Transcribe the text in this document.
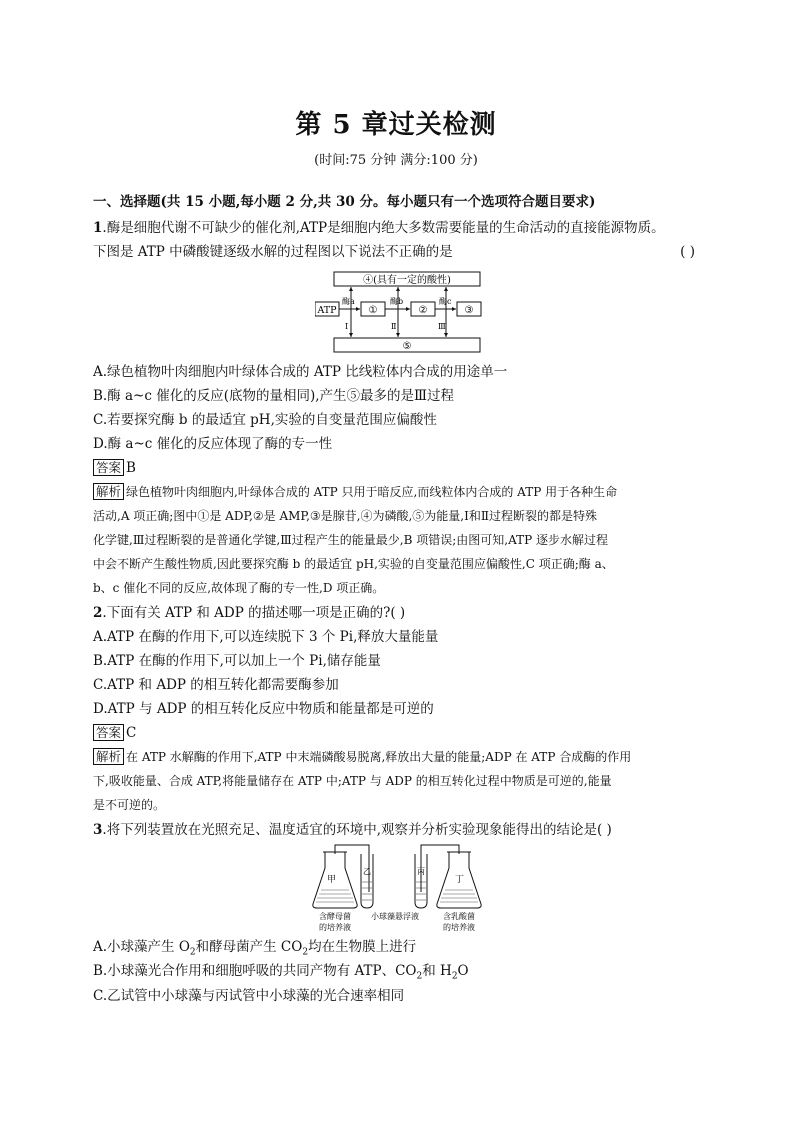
第 5 章过关检测
(时间:75 分钟 满分:100 分)
一、选择题(共 15 小题,每小题 2 分,共 30 分。每小题只有一个选项符合题目要求)
1.酶是细胞代谢不可缺少的催化剂,ATP是细胞内绝大多数需要能量的生命活动的直接能源物质。
下图是 ATP 中磷酸键逐级水解的过程图以下说法不正确的是	( )
④(具有一定的酸性)
ATP	①	②	③
酶a	酶b	酶c
Ⅰ	Ⅱ	Ⅲ
⑤
A.绿色植物叶肉细胞内叶绿体合成的 ATP 比线粒体内合成的用途单一
B.酶 a~c 催化的反应(底物的量相同),产生⑤最多的是Ⅲ过程
C.若要探究酶 b 的最适宜 pH,实验的自变量范围应偏酸性
D.酶 a~c 催化的反应体现了酶的专一性
答案 B
解析 绿色植物叶肉细胞内,叶绿体合成的 ATP 只用于暗反应,而线粒体内合成的 ATP 用于各种生命
活动,A 项正确;图中①是 ADP,②是 AMP,③是腺苷,④为磷酸,⑤为能量,Ⅰ和Ⅱ过程断裂的都是特殊
化学键,Ⅲ过程断裂的是普通化学键,Ⅲ过程产生的能量最少,B 项错误;由图可知,ATP 逐步水解过程
中会不断产生酸性物质,因此要探究酶 b 的最适宜 pH,实验的自变量范围应偏酸性,C 项正确;酶 a、
b、c 催化不同的反应,故体现了酶的专一性,D 项正确。
2.下面有关 ATP 和 ADP 的描述哪一项是正确的?( )
A.ATP 在酶的作用下,可以连续脱下 3 个 Pi,释放大量能量
B.ATP 在酶的作用下,可以加上一个 Pi,储存能量
C.ATP 和 ADP 的相互转化都需要酶参加
D.ATP 与 ADP 的相互转化反应中物质和能量都是可逆的
答案 C
解析 在 ATP 水解酶的作用下,ATP 中末端磷酸易脱离,释放出大量的能量;ADP 在 ATP 合成酶的作用
下,吸收能量、合成 ATP,将能量储存在 ATP 中;ATP 与 ADP 的相互转化过程中物质是可逆的,能量
是不可逆的。
3.将下列装置放在光照充足、温度适宜的环境中,观察并分析实验现象能得出的结论是( )
甲
乙	丙
丁
含酵母菌
的培养液
小球藻悬浮液	含乳酸菌
的培养液
A.小球藻产生 $O_2$和酵母菌产生 $CO_2$均在生物膜上进行
B.小球藻光合作用和细胞呼吸的共同产物有 ATP、$CO_2$和 $H_2O$
C.乙试管中小球藻与丙试管中小球藻的光合速率相同
